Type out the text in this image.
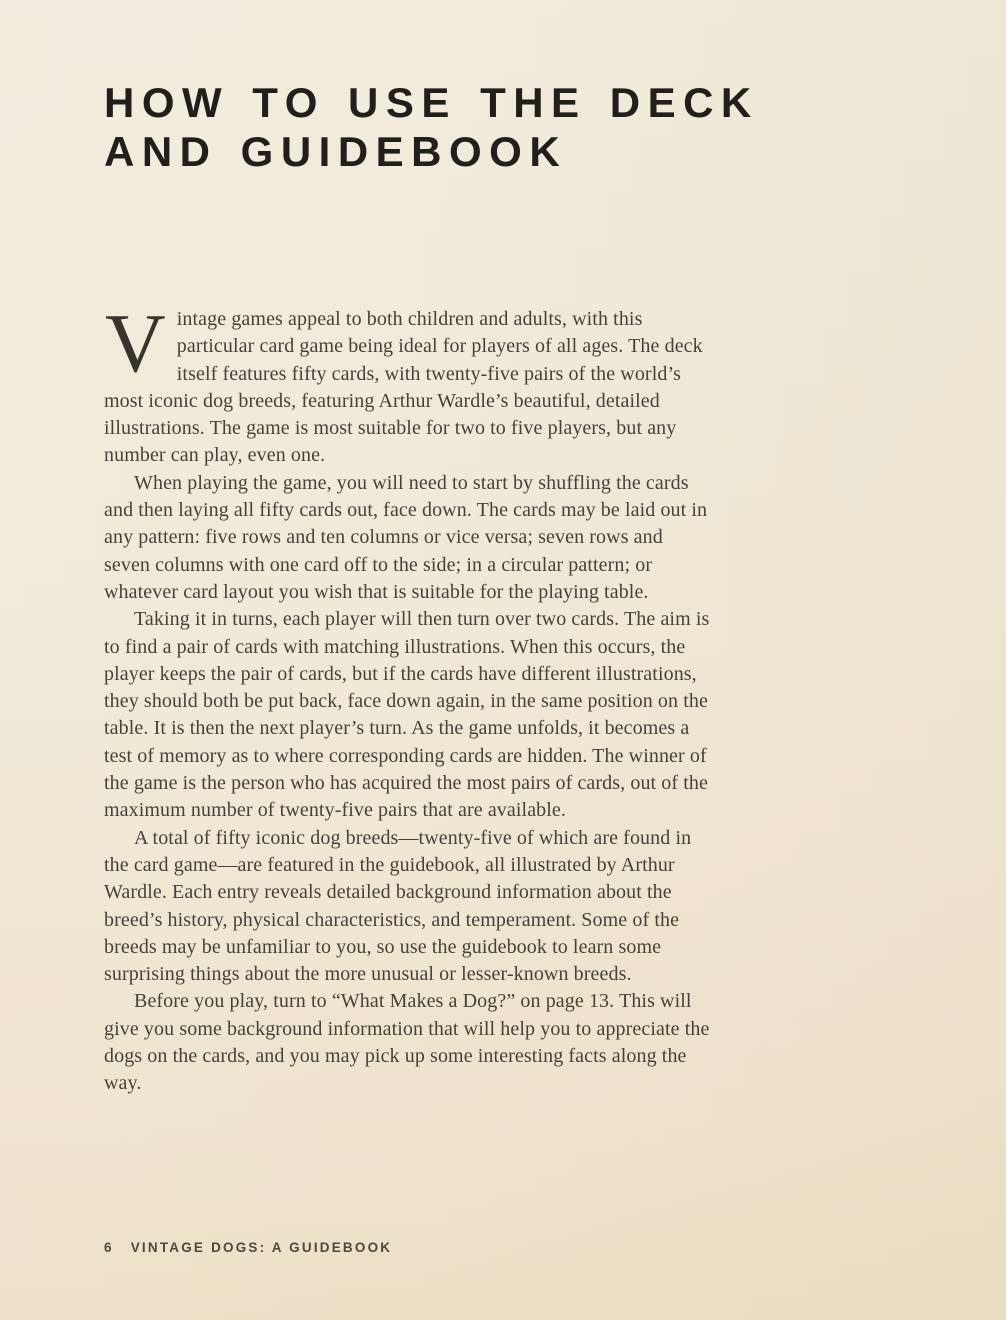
HOW TO USE THE DECK
AND GUIDEBOOK

Vintage games appeal to both children and adults, with this particular card game being ideal for players of all ages. The deck itself features fifty cards, with twenty-five pairs of the world’s most iconic dog breeds, featuring Arthur Wardle’s beautiful, detailed illustrations. The game is most suitable for two to five players, but any number can play, even one.

When playing the game, you will need to start by shuffling the cards and then laying all fifty cards out, face down. The cards may be laid out in any pattern: five rows and ten columns or vice versa; seven rows and seven columns with one card off to the side; in a circular pattern; or whatever card layout you wish that is suitable for the playing table.

Taking it in turns, each player will then turn over two cards. The aim is to find a pair of cards with matching illustrations. When this occurs, the player keeps the pair of cards, but if the cards have different illustrations, they should both be put back, face down again, in the same position on the table. It is then the next player’s turn. As the game unfolds, it becomes a test of memory as to where corresponding cards are hidden. The winner of the game is the person who has acquired the most pairs of cards, out of the maximum number of twenty-five pairs that are available.

A total of fifty iconic dog breeds—twenty-five of which are found in the card game—are featured in the guidebook, all illustrated by Arthur Wardle. Each entry reveals detailed background information about the breed’s history, physical characteristics, and temperament. Some of the breeds may be unfamiliar to you, so use the guidebook to learn some surprising things about the more unusual or lesser-known breeds.

Before you play, turn to “What Makes a Dog?” on page 13. This will give you some background information that will help you to appreciate the dogs on the cards, and you may pick up some interesting facts along the way.

6 VINTAGE DOGS: A GUIDEBOOK
